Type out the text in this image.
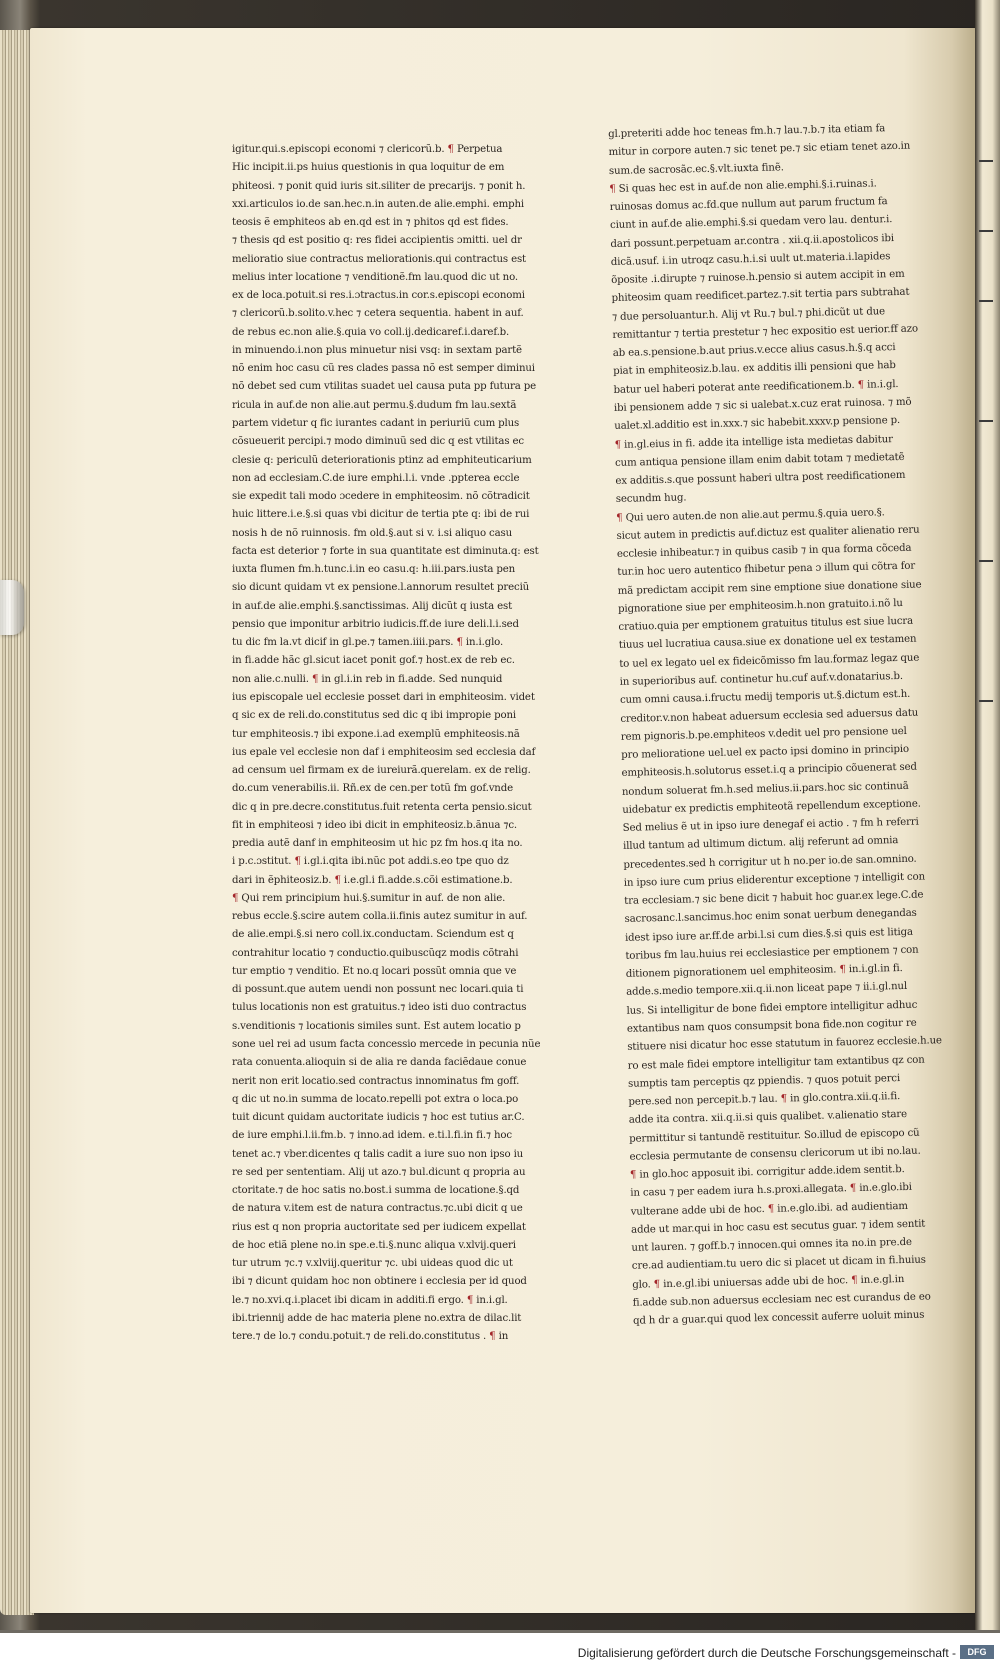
igitur.qui.s.episcopi economi ⁊ clericorũ.b. ¶ Perpetua
Hic incipit.ii.ps huius questionis in qua loquitur de em
phiteosi. ⁊ ponit quid iuris sit.siliter de precarijs. ⁊ ponit h.
xxi.articulos io.de san.hec.n.in auten.de alie.emphi. emphi
teosis ẽ emphiteos ab en.qd est in ⁊ phitos qd est fides.
⁊ thesis qd est positio q: res fidei accipientis ɔmitti. uel dr
melioratio siue contractus meliorationis.qui contractus est
melius inter locatione ⁊ venditionẽ.fm lau.quod dic ut no.
ex de loca.potuit.si res.i.ɔtractus.in cor.s.episcopi economi
⁊ clericorũ.b.solito.v.hec ⁊ cetera sequentia. habent in auf.
de rebus ec.non alie.§.quia vo coll.ij.dedicaref.i.daref.b.
in minuendo.i.non plus minuetur nisi vsq: in sextam partẽ
nõ enim hoc casu cũ res clades passa nõ est semper diminui
nõ debet sed cum vtilitas suadet uel causa puta pp futura pe
ricula in auf.de non alie.aut permu.§.dudum fm lau.sextã
partem videtur q fic iurantes cadant in periuriũ cum plus
cõsueuerit percipi.⁊ modo diminuũ sed dic q est vtilitas ec
clesie q: periculũ deteriorationis ptinz ad emphiteuticarium
non ad ecclesiam.C.de iure emphi.l.i. vnde .ppterea eccle
sie expedit tali modo ɔcedere in emphiteosim. nõ cõtradicit
huic littere.i.e.§.si quas vbi dicitur de tertia pte q: ibi de rui
nosis h de nõ ruinnosis. fm old.§.aut si v. i.si aliquo casu
facta est deterior ⁊ forte in sua quantitate est diminuta.q: est
iuxta flumen fm.h.tunc.i.in eo casu.q: h.iii.pars.iusta pen
sio dicunt quidam vt ex pensione.l.annorum resultet preciũ
in auf.de alie.emphi.§.sanctissimas. Alij dicũt q iusta est
pensio que imponitur arbitrio iudicis.ff.de iure deli.l.i.sed
tu dic fm la.vt dicif in gl.pe.⁊ tamen.iiii.pars. ¶ in.i.glo.
in fi.adde hãc gl.sicut iacet ponit gof.⁊ host.ex de reb ec.
non alie.c.nulli. ¶ in gl.i.in reb in fi.adde. Sed nunquid
ius episcopale uel ecclesie posset dari in emphiteosim. videt
q sic ex de reli.do.constitutus sed dic q ibi impropie poni
tur emphiteosis.⁊ ibi expone.i.ad exemplũ emphiteosis.nã
ius epale vel ecclesie non daf i emphiteosim sed ecclesia daf
ad censum uel firmam ex de iureiurã.querelam. ex de relig.
do.cum venerabilis.ii. Rñ.ex de cen.per totũ fm gof.vnde
dic q in pre.decre.constitutus.fuit retenta certa pensio.sicut
fit in emphiteosi ⁊ ideo ibi dicit in emphiteosiz.b.ãnua ⁊c.
predia autẽ danf in emphiteosim ut hic pz fm hos.q ita no.
i p.c.ɔstitut. ¶ i.gl.i.qita ibi.nũc pot addi.s.eo tpe quo dz
dari in ẽphiteosiz.b. ¶ i.e.gl.i fi.adde.s.cõi estimatione.b.
¶ Qui rem principium hui.§.sumitur in auf. de non alie.
rebus eccle.§.scire autem colla.ii.finis autez sumitur in auf.
de alie.empi.§.si nero coll.ix.conductam. Sciendum est q
contrahitur locatio ⁊ conductio.quibuscũqz modis cõtrahi
tur emptio ⁊ venditio. Et no.q locari possũt omnia que ve
di possunt.que autem uendi non possunt nec locari.quia ti
tulus locationis non est gratuitus.⁊ ideo isti duo contractus
s.venditionis ⁊ locationis similes sunt. Est autem locatio p
sone uel rei ad usum facta concessio mercede in pecunia nũe
rata conuenta.alioquin si de alia re danda faciẽdaue conue
nerit non erit locatio.sed contractus innominatus fm goff.
q dic ut no.in summa de locato.repelli pot extra o loca.po
tuit dicunt quidam auctoritate iudicis ⁊ hoc est tutius ar.C.
de iure emphi.l.ii.fm.b. ⁊ inno.ad idem. e.ti.l.fi.in fi.⁊ hoc
tenet ac.⁊ vber.dicentes q talis cadit a iure suo non ipso iu
re sed per sententiam. Alij ut azo.⁊ bul.dicunt q propria au
ctoritate.⁊ de hoc satis no.bost.i summa de locatione.§.qd
de natura v.item est de natura contractus.⁊c.ubi dicit q ue
rius est q non propria auctoritate sed per iudicem expellat
de hoc etiã plene no.in spe.e.ti.§.nunc aliqua v.xlvij.queri
tur utrum ⁊c.⁊ v.xlviij.queritur ⁊c. ubi uideas quod dic ut
ibi ⁊ dicunt quidam hoc non obtinere i ecclesia per id quod
le.⁊ no.xvi.q.i.placet ibi dicam in additi.fi ergo. ¶ in.i.gl.
ibi.triennij adde de hac materia plene no.extra de dilac.lit
tere.⁊ de lo.⁊ condu.potuit.⁊ de reli.do.constitutus . ¶ in
gl.preteriti adde hoc teneas fm.h.⁊ lau.⁊.b.⁊ ita etiam fa
mitur in corpore auten.⁊ sic tenet pe.⁊ sic etiam tenet azo.in
sum.de sacrosãc.ec.§.vlt.iuxta finẽ.
¶ Si quas hec est in auf.de non alie.emphi.§.i.ruinas.i.
ruinosas domus ac.fd.que nullum aut parum fructum fa
ciunt in auf.de alie.emphi.§.si quedam vero lau. dentur.i.
dari possunt.perpetuam ar.contra . xii.q.ii.apostolicos ibi
dicã.usuf. i.in utroqz casu.h.i.si uult ut.materia.i.lapides
õposite .i.dirupte ⁊ ruinose.h.pensio si autem accipit in em
phiteosim quam reedificet.partez.⁊.sit tertia pars subtrahat
⁊ due persoluantur.h. Alij vt Ru.⁊ bul.⁊ phi.dicũt ut due
remittantur ⁊ tertia prestetur ⁊ hec expositio est uerior.ff azo
ab ea.s.pensione.b.aut prius.v.ecce alius casus.h.§.q acci
piat in emphiteosiz.b.lau. ex additis illi pensioni que hab
batur uel haberi poterat ante reedificationem.b. ¶ in.i.gl.
ibi pensionem adde ⁊ sic si ualebat.x.cuz erat ruinosa. ⁊ mõ
ualet.xl.additio est in.xxx.⁊ sic habebit.xxxv.p pensione p.
¶ in.gl.eius in fi. adde ita intellige ista medietas dabitur
cum antiqua pensione illam enim dabit totam ⁊ medietatẽ
ex additis.s.que possunt haberi ultra post reedificationem
secundm hug.
¶ Qui uero auten.de non alie.aut permu.§.quia uero.§.
sicut autem in predictis auf.dictuz est qualiter alienatio reru
ecclesie inhibeatur.⁊ in quibus casib ⁊ in qua forma cõceda
tur.in hoc uero autentico fhibetur pena ɔ illum qui cõtra for
mã predictam accipit rem sine emptione siue donatione siue
pignoratione siue per emphiteosim.h.non gratuito.i.nõ lu
cratiuo.quia per emptionem gratuitus titulus est siue lucra
tiuus uel lucratiua causa.siue ex donatione uel ex testamen
to uel ex legato uel ex fideicõmisso fm lau.formaz legaz que
in superioribus auf. continetur hu.cuf auf.v.donatarius.b.
cum omni causa.i.fructu medij temporis ut.§.dictum est.h.
creditor.v.non habeat aduersum ecclesia sed aduersus datu
rem pignoris.b.pe.emphiteos v.dedit uel pro pensione uel
pro melioratione uel.uel ex pacto ipsi domino in principio
emphiteosis.h.solutorus esset.i.q a principio cõuenerat sed
nondum soluerat fm.h.sed melius.ii.pars.hoc sic continuã
uidebatur ex predictis emphiteotã repellendum exceptione.
Sed melius ẽ ut in ipso iure denegaf ei actio . ⁊ fm h referri
illud tantum ad ultimum dictum. alij referunt ad omnia
precedentes.sed h corrigitur ut h no.per io.de san.omnino.
in ipso iure cum prius eliderentur exceptione ⁊ intelligit con
tra ecclesiam.⁊ sic bene dicit ⁊ habuit hoc guar.ex lege.C.de
sacrosanc.l.sancimus.hoc enim sonat uerbum denegandas
idest ipso iure ar.ff.de arbi.l.si cum dies.§.si quis est litiga
toribus fm lau.huius rei ecclesiastice per emptionem ⁊ con
ditionem pignorationem uel emphiteosim. ¶ in.i.gl.in fi.
adde.s.medio tempore.xii.q.ii.non liceat pape ⁊ ii.i.gl.nul
lus. Si intelligitur de bone fidei emptore intelligitur adhuc
extantibus nam quos consumpsit bona fide.non cogitur re
stituere nisi dicatur hoc esse statutum in fauorez ecclesie.h.ue
ro est male fidei emptore intelligitur tam extantibus qz con
sumptis tam perceptis qz ppiendis. ⁊ quos potuit perci
pere.sed non percepit.b.⁊ lau. ¶ in glo.contra.xii.q.ii.fi.
adde ita contra. xii.q.ii.si quis qualibet. v.alienatio stare
permittitur si tantundẽ restituitur. So.illud de episcopo cũ
ecclesia permutante de consensu clericorum ut ibi no.lau.
¶ in glo.hoc apposuit ibi. corrigitur adde.idem sentit.b.
in casu ⁊ per eadem iura h.s.proxi.allegata. ¶ in.e.glo.ibi
vulterane adde ubi de hoc. ¶ in.e.glo.ibi. ad audientiam
adde ut mar.qui in hoc casu est secutus guar. ⁊ idem sentit
unt lauren. ⁊ goff.b.⁊ innocen.qui omnes ita no.in pre.de
cre.ad audientiam.tu uero dic si placet ut dicam in fi.huius
glo. ¶ in.e.gl.ibi uniuersas adde ubi de hoc. ¶ in.e.gl.in
fi.adde sub.non aduersus ecclesiam nec est curandus de eo
qd h dr a guar.qui quod lex concessit auferre uoluit minus
Digitalisierung gefördert durch die Deutsche Forschungsgemeinschaft -	DFG
